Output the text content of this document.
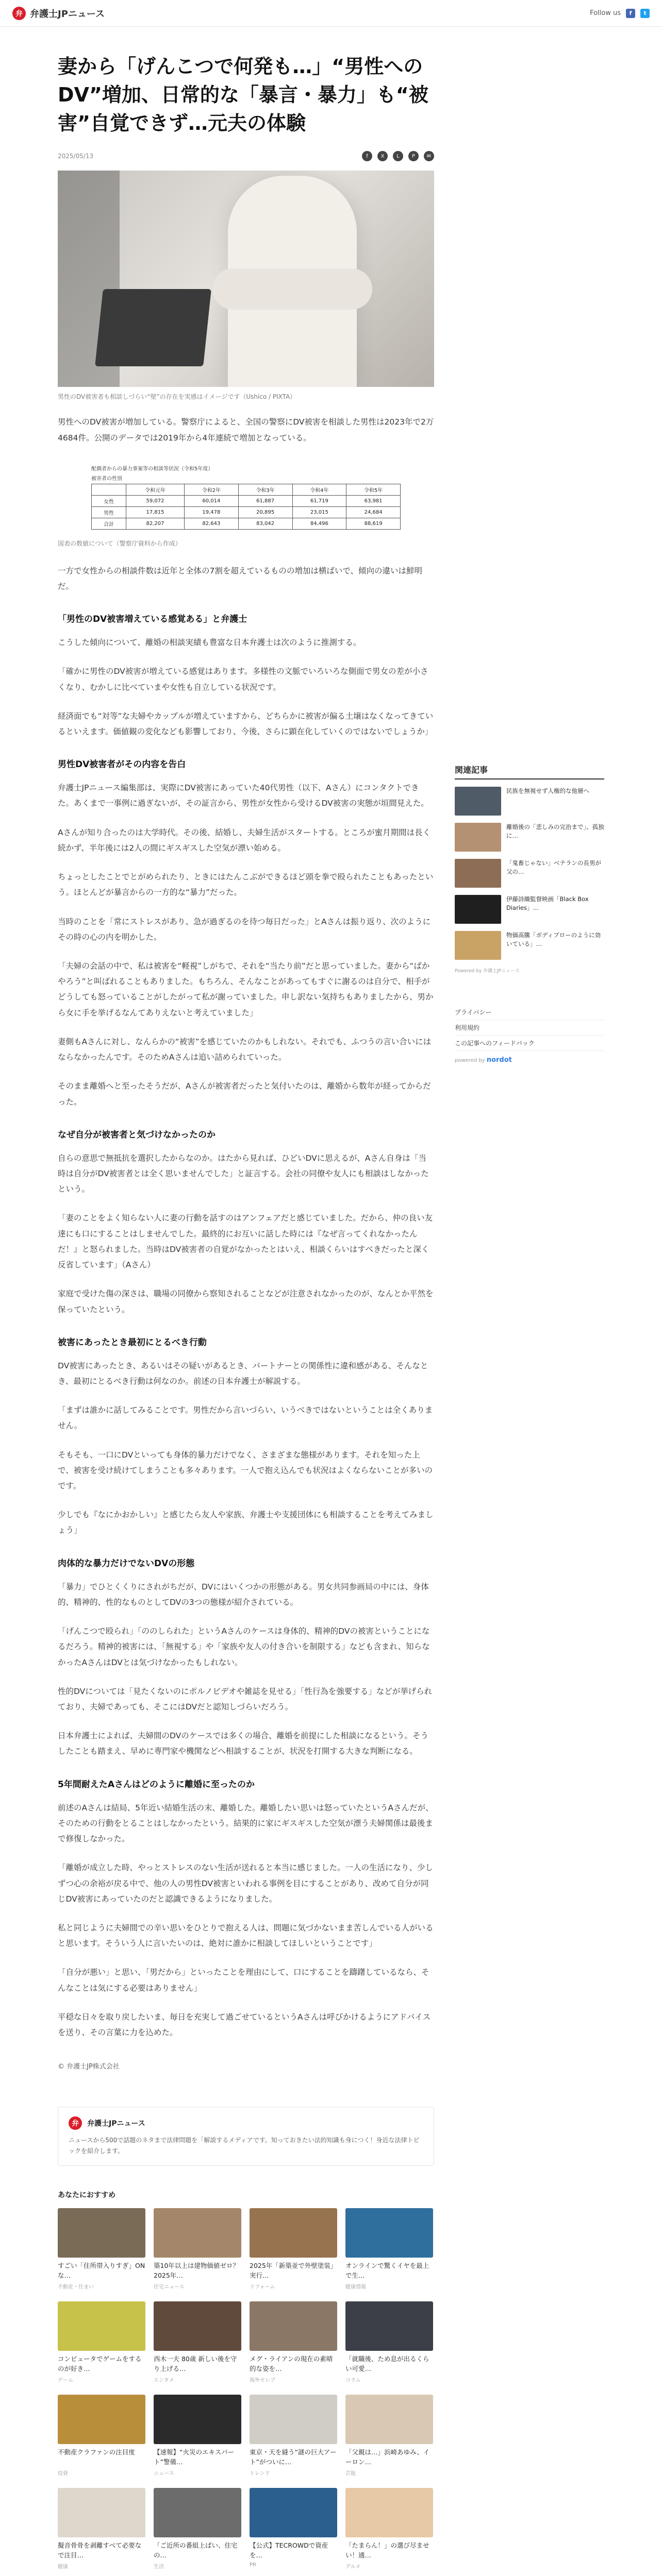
弁 弁護士JPニュース	Follow us	f	t
妻から「げんこつで何発も…」“男性へのDV”増加、日常的な「暴言・暴力」も“被害”自覚できず…元夫の体験
2025/05/13	f	X	L	P	✉
男性のDV被害者も相談しづらい“壁”の存在を実感はイメージです（Ushico / PIXTA）

男性へのDV被害が増加している。警察庁によると、全国の警察にDV被害を相談した男性は2023年で2万4684件。公開のデータでは2019年から4年連続で増加となっている。

配偶者からの暴力事案等の相談等状況（令和5年度）
被害者の性別
	令和元年	令和2年	令和3年	令和4年	令和5年
女性	59,072	60,014	61,887	61,719	63,981
男性	17,815	19,478	20,895	23,015	24,684
合計	82,207	82,643	83,042	84,496	88,619
図表の数値について（警察庁資料から作成）

一方で女性からの相談件数は近年と全体の7割を超えているものの増加は横ばいで、傾向の違いは鮮明だ。

「男性のDV被害増えている感覚ある」と弁護士

こうした傾向について、離婚の相談実績も豊富な日本弁護士は次のように推測する。

「確かに男性のDV被害が増えている感覚はあります。多様性の文脈でいろいろな側面で男女の差が小さくなり、むかしに比べていまや女性も自立している状況です。

経済面でも“対等”な夫婦やカップルが増えていますから、どちらかに被害が偏る土壌はなくなってきているといえます。価値観の変化なども影響しており、今後、さらに顕在化していくのではないでしょうか」

男性DV被害者がその内容を告白

弁護士JPニュース編集部は、実際にDV被害にあっていた40代男性（以下、Aさん）にコンタクトできた。あくまで一事例に過ぎないが、その証言から、男性が女性から受けるDV被害の実態が垣間見えた。

Aさんが知り合ったのは大学時代。その後、結婚し、夫婦生活がスタートする。ところが蜜月期間は長く続かず、半年後には2人の間にギスギスした空気が漂い始める。

ちょっとしたことでとがめられたり、ときにはたんこぶができるほど頭を拳で殴られたこともあったという。ほとんどが暴言からの一方的な“暴力”だった。

当時のことを「常にストレスがあり、急が過ぎるのを待つ毎日だった」とAさんは振り返り、次のようにその時の心の内を明かした。

「夫婦の会話の中で、私は被害を“軽視”しがちで、それを“当たり前”だと思っていました。妻から“ばかやろう”と叫ばれることもありました。もちろん、そんなことがあってもすぐに謝るのは自分で、相手がどうしても怒っていることがしたがって私が謝っていました。申し訳ない気持ちもありましたから、男から女に手を挙げるなんてありえないと考えていました」

妻側もAさんに対し、なんらかの“被害”を感じていたのかもしれない。それでも、ふつうの言い合いにはならなかったんです。そのためAさんは追い詰められていった。

そのまま離婚へと至ったそうだが、Aさんが被害者だったと気付いたのは、離婚から数年が経ってからだった。

なぜ自分が被害者と気づけなかったのか

自らの意思で無抵抗を選択したからなのか。はたから見れば、ひどいDVに思えるが、Aさん自身は「当時は自分がDV被害者とは全く思いませんでした」と証言する。会社の同僚や友人にも相談はしなかったという。

「妻のことをよく知らない人に妻の行動を話すのはアンフェアだと感じていました。だから、仲の良い友達にも口にすることはしませんでした。最終的にお互いに話した時には『なぜ言ってくれなかったんだ！』と怒られました。当時はDV被害者の自覚がなかったとはいえ、相談くらいはすべきだったと深く反省しています」（Aさん）

家庭で受けた傷の深さは、職場の同僚から察知されることなどが注意されなかったのが、なんとか平然を保っていたという。

被害にあったとき最初にとるべき行動

DV被害にあったとき、あるいはその疑いがあるとき、パートナーとの関係性に違和感がある、そんなとき、最初にとるべき行動は何なのか。前述の日本弁護士が解説する。

「まずは誰かに話してみることです。男性だから言いづらい、いうべきではないということは全くありません。

そもそも、一口にDVといっても身体的暴力だけでなく、さまざまな態様があります。それを知った上で、被害を受け続けてしまうことも多々あります。一人で抱え込んでも状況はよくならないことが多いのです。

少しでも『なにかおかしい』と感じたら友人や家族、弁護士や支援団体にも相談することを考えてみましょう」

肉体的な暴力だけでないDVの形態

「暴力」でひとくくりにされがちだが、DVにはいくつかの形態がある。男女共同参画局の中には、身体的、精神的、性的なものとしてDVの3つの態様が紹介されている。

「げんこつで殴られ」「ののしられた」というAさんのケースは身体的、精神的DVの被害ということになるだろう。精神的被害には、「無視する」や「家族や友人の付き合いを制限する」なども含まれ、知らなかったAさんはDVとは気づけなかったもしれない。

性的DVについては「見たくないのにポルノビデオや雑誌を見せる」「性行為を強要する」などが挙げられており、夫婦であっても、そこにはDVだと認知しづらいだろう。

日本弁護士によれば、夫婦間のDVのケースでは多くの場合、離婚を前提にした相談になるという。そうしたことも踏まえ、早めに専門家や機関などへ相談することが、状況を打開する大きな判断になる。

5年間耐えたAさんはどのように離婚に至ったのか

前述のAさんは結局、5年近い結婚生活の末、離婚した。離婚したい思いは怒っていたというAさんだが、そのための行動をとることはしなかったという。結果的に家にギスギスした空気が漂う夫婦関係は最後まで修復しなかった。

「離婚が成立した時、やっとストレスのない生活が送れると本当に感じました。一人の生活になり、少しずつ心の余裕が戻る中で、他の人の男性DV被害といわれる事例を目にすることがあり、改めて自分が同じDV被害にあっていたのだと認識できるようになりました。

私と同じように夫婦間での辛い思いをひとりで抱える人は、問題に気づかないまま苦しんでいる人がいると思います。そういう人に言いたいのは、絶対に誰かに相談してほしいということです」

「自分が悪い」と思い、「男だから」といったことを理由にして、口にすることを躊躇しているなら、そんなことは気にする必要はありません」

平穏な日々を取り戻したいま、毎日を充実して過ごせているというAさんは呼びかけるようにアドバイスを送り、その言葉に力を込めた。

© 弁護士JP株式会社
弁	弁護士JPニュース
ニュースから500で話題のネタまで法律問題を「解説するメディアです。知っておきたい法的知識も身につく！身近な法律トピックを紹介します。
あなたにおすすめ
すごい「住所帯入りすぎ」ONな…
不動産・住まい
築10年以上は建物価値ゼロ？ 2025年…
住宅ニュース
2025年「新築並で外壁塗装」実行…
リフォーム
オンラインで驚くイヤを最上で生…
健康情報
コンピュータでゲームをするのが好き…
ゲーム
西木一夫 80歳 新しい後を守り上げる…
エンタメ
メグ・ライアンの現在の素晴的な姿を…
海外セレブ
「就職後、ため息が出るくらい可愛…
コラム
不動産クラファンの注目度
投資
【速報】“火災のエキスパート”警備…
ニュース
東京・天を縫う“謎の巨大アート”がついに…
トレンド
「父親は…」浜崎あゆみ、イーロン…
芸能
擬音骨骨を剥離すべて必要なで注目…
健康
「ご近所の番組上ぱい、住宅の…
生活
【公式】TECROWDで資産を…
PR
「たまらん！」の選び尽ませい！通…
グルメ
関連記事
民族を無視せず人権的な他層へ
離婚後の「悲しみの完治まで」、孤独に…
「鬼畜じゃない」ベテランの長男が父の…
伊藤詩織監督映画「Black Box Diaries」…
物価高騰「ボディブローのように効いている」…
Powered by 弁護士JPニュース
プライバシー
利用規約
この記事へのフィードバック
powered by nordot
